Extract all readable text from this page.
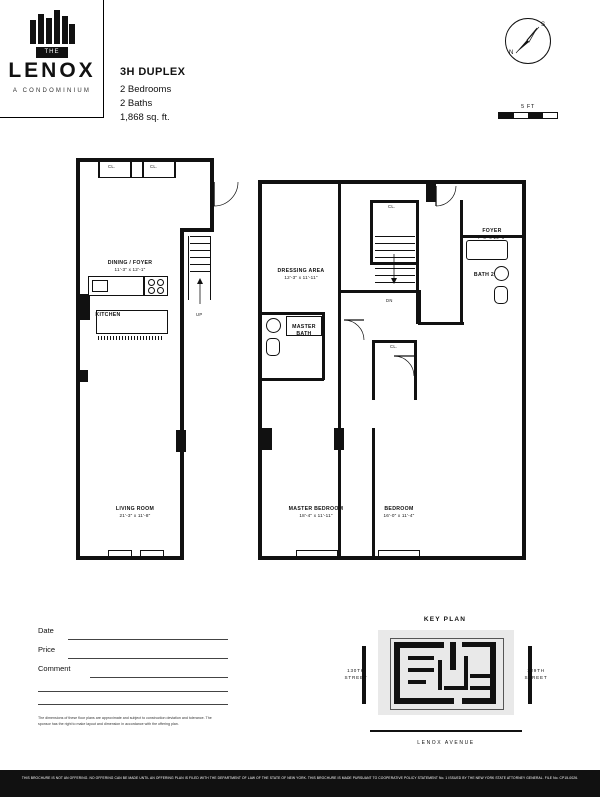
THE
LENOX
A CONDOMINIUM
3H DUPLEX
2 Bedrooms
2 Baths
1,868 sq. ft.
N
S
5 FT
CL.	CL.
UP
DINING / FOYER
11'-3" x 12'-1"
KITCHEN
LIVING ROOM
21'-3" x 11'-8"
CL.
CL.
DN
DRESSING AREA
12'-3" x 11'-11"
MASTER
BATH
MASTER BEDROOM
18'-4" x 11'-11"
BEDROOM
16'-0" x 11'-4"
FOYER
7'-4" x 14'-6"
BATH 2
Date
Price
Comment
The dimensions of these floor plans are approximate and subject to construction deviation and tolerance. The sponsor has the right to make layout and dimension in accordance with the offering plan.
KEY PLAN
130TH
STREET
129TH
STREET
LENOX AVENUE

THIS BROCHURE IS NOT AN OFFERING. NO OFFERING CAN BE MADE UNTIL AN OFFERING PLAN IS FILED WITH THE DEPARTMENT OF LAW OF THE STATE OF NEW YORK. THIS BROCHURE IS MADE PURSUANT TO COOPERATIVE POLICY STATEMENT No. 1 ISSUED BY THE NEW YORK STATE ATTORNEY GENERAL. FILE No. CP15-0026.
